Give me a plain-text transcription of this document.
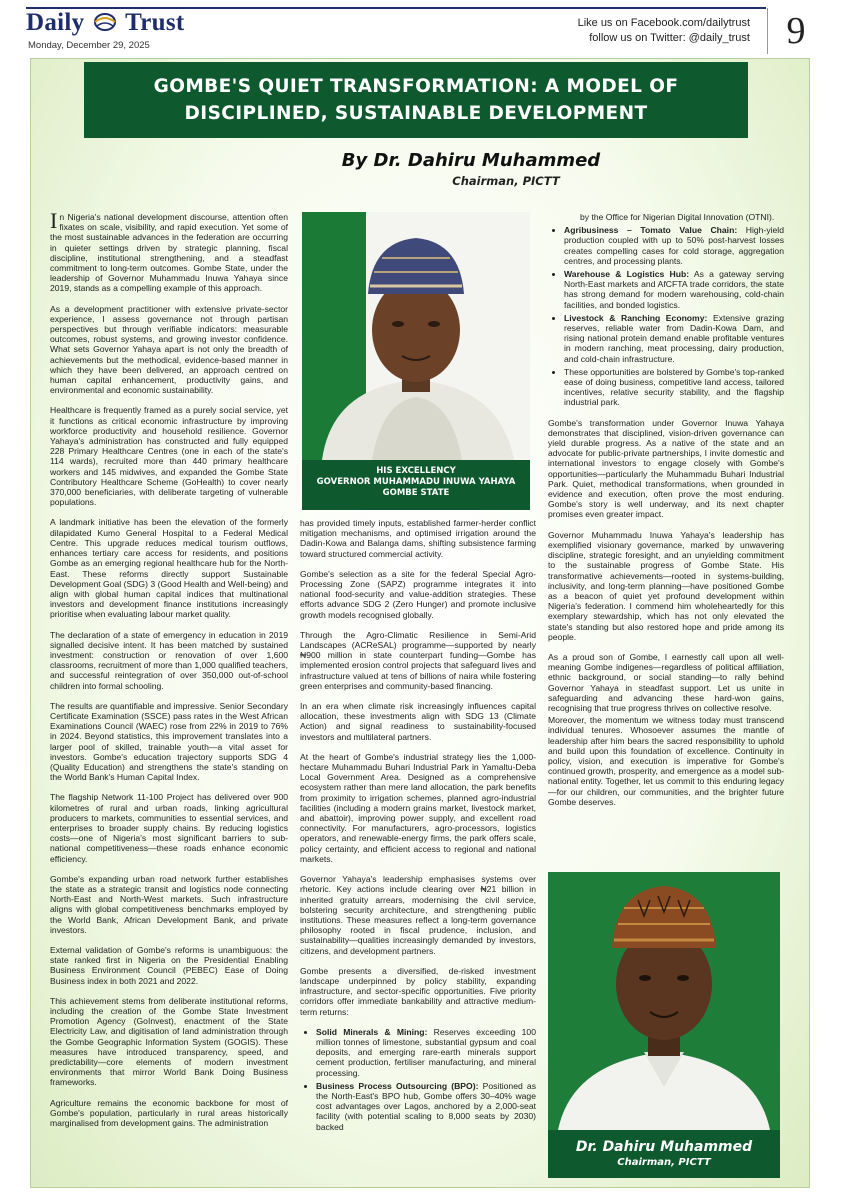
Daily Trust
Monday, December 29, 2025
Like us on Facebook.com/dailytrust
follow us on Twitter: @daily_trust 9
GOMBE'S QUIET TRANSFORMATION: A MODEL OF
DISCIPLINED, SUSTAINABLE DEVELOPMENT
By Dr. Dahiru Muhammed
Chairman, PICTT
HIS EXCELLENCY
GOVERNOR MUHAMMADU INUWA YAHAYA
GOMBE STATE

In Nigeria's national development discourse, attention often fixates on scale, visibility, and rapid execution. Yet some of the most sustainable advances in the federation are occurring in quieter settings driven by strategic planning, fiscal discipline, institutional strengthening, and a steadfast commitment to long-term outcomes. Gombe State, under the leadership of Governor Muhammadu Inuwa Yahaya since 2019, stands as a compelling example of this approach.

As a development practitioner with extensive private-sector experience, I assess governance not through partisan perspectives but through verifiable indicators: measurable outcomes, robust systems, and growing investor confidence. What sets Governor Yahaya apart is not only the breadth of achievements but the methodical, evidence-based manner in which they have been delivered, an approach centred on human capital enhancement, productivity gains, and environmental and economic sustainability.

Healthcare is frequently framed as a purely social service, yet it functions as critical economic infrastructure by improving workforce productivity and household resilience. Governor Yahaya's administration has constructed and fully equipped 228 Primary Healthcare Centres (one in each of the state's 114 wards), recruited more than 440 primary healthcare workers and 145 midwives, and expanded the Gombe State Contributory Healthcare Scheme (GoHealth) to cover nearly 370,000 beneficiaries, with deliberate targeting of vulnerable populations.

A landmark initiative has been the elevation of the formerly dilapidated Kumo General Hospital to a Federal Medical Centre. This upgrade reduces medical tourism outflows, enhances tertiary care access for residents, and positions Gombe as an emerging regional healthcare hub for the North-East. These reforms directly support Sustainable Development Goal (SDG) 3 (Good Health and Well-being) and align with global human capital indices that multinational investors and development finance institutions increasingly prioritise when evaluating labour market quality.

The declaration of a state of emergency in education in 2019 signalled decisive intent. It has been matched by sustained investment: construction or renovation of over 1,600 classrooms, recruitment of more than 1,000 qualified teachers, and successful reintegration of over 350,000 out-of-school children into formal schooling.

The results are quantifiable and impressive. Senior Secondary Certificate Examination (SSCE) pass rates in the West African Examinations Council (WAEC) rose from 22% in 2019 to 76% in 2024. Beyond statistics, this improvement translates into a larger pool of skilled, trainable youth—a vital asset for investors. Gombe's education trajectory supports SDG 4 (Quality Education) and strengthens the state's standing on the World Bank's Human Capital Index.

The flagship Network 11-100 Project has delivered over 900 kilometres of rural and urban roads, linking agricultural producers to markets, communities to essential services, and enterprises to broader supply chains. By reducing logistics costs—one of Nigeria's most significant barriers to sub-national competitiveness—these roads enhance economic efficiency.

Gombe's expanding urban road network further establishes the state as a strategic transit and logistics node connecting North-East and North-West markets. Such infrastructure aligns with global competitiveness benchmarks employed by the World Bank, African Development Bank, and private investors.

External validation of Gombe's reforms is unambiguous: the state ranked first in Nigeria on the Presidential Enabling Business Environment Council (PEBEC) Ease of Doing Business index in both 2021 and 2022.

This achievement stems from deliberate institutional reforms, including the creation of the Gombe State Investment Promotion Agency (GoInvest), enactment of the State Electricity Law, and digitisation of land administration through the Gombe Geographic Information System (GOGIS). These measures have introduced transparency, speed, and predictability—core elements of modern investment environments that mirror World Bank Doing Business frameworks.

Agriculture remains the economic backbone for most of Gombe's population, particularly in rural areas historically marginalised from development gains. The administration

has provided timely inputs, established farmer-herder conflict mitigation mechanisms, and optimised irrigation around the Dadin-Kowa and Balanga dams, shifting subsistence farming toward structured commercial activity.

Gombe's selection as a site for the federal Special Agro-Processing Zone (SAPZ) programme integrates it into national food-security and value-addition strategies. These efforts advance SDG 2 (Zero Hunger) and promote inclusive growth models recognised globally.

Through the Agro-Climatic Resilience in Semi-Arid Landscapes (ACReSAL) programme—supported by nearly ₦900 million in state counterpart funding—Gombe has implemented erosion control projects that safeguard lives and infrastructure valued at tens of billions of naira while fostering green enterprises and community-based financing.

In an era when climate risk increasingly influences capital allocation, these investments align with SDG 13 (Climate Action) and signal readiness to sustainability-focused investors and multilateral partners.

At the heart of Gombe's industrial strategy lies the 1,000-hectare Muhammadu Buhari Industrial Park in Yamaltu-Deba Local Government Area. Designed as a comprehensive ecosystem rather than mere land allocation, the park benefits from proximity to irrigation schemes, planned agro-industrial facilities (including a modern grains market, livestock market, and abattoir), improving power supply, and excellent road connectivity. For manufacturers, agro-processors, logistics operators, and renewable-energy firms, the park offers scale, policy certainty, and efficient access to regional and national markets.

Governor Yahaya's leadership emphasises systems over rhetoric. Key actions include clearing over ₦21 billion in inherited gratuity arrears, modernising the civil service, bolstering security architecture, and strengthening public institutions. These measures reflect a long-term governance philosophy rooted in fiscal prudence, inclusion, and sustainability—qualities increasingly demanded by investors, citizens, and development partners.

Gombe presents a diversified, de-risked investment landscape underpinned by policy stability, expanding infrastructure, and sector-specific opportunities. Five priority corridors offer immediate bankability and attractive medium-term returns:

• Solid Minerals & Mining: Reserves exceeding 100 million tonnes of limestone, substantial gypsum and coal deposits, and emerging rare-earth minerals support cement production, fertiliser manufacturing, and mineral processing.
• Business Process Outsourcing (BPO): Positioned as the North-East's BPO hub, Gombe offers 30–40% wage cost advantages over Lagos, anchored by a 2,000-seat facility (with potential scaling to 8,000 seats by 2030) backed

by the Office for Nigerian Digital Innovation (OTNI).

• Agribusiness – Tomato Value Chain: High-yield production coupled with up to 50% post-harvest losses creates compelling cases for cold storage, aggregation centres, and processing plants.
• Warehouse & Logistics Hub: As a gateway serving North-East markets and AfCFTA trade corridors, the state has strong demand for modern warehousing, cold-chain facilities, and bonded logistics.
• Livestock & Ranching Economy: Extensive grazing reserves, reliable water from Dadin-Kowa Dam, and rising national protein demand enable profitable ventures in modern ranching, meat processing, dairy production, and cold-chain infrastructure.
• These opportunities are bolstered by Gombe's top-ranked ease of doing business, competitive land access, tailored incentives, relative security stability, and the flagship industrial park.

Gombe's transformation under Governor Inuwa Yahaya demonstrates that disciplined, vision-driven governance can yield durable progress. As a native of the state and an advocate for public-private partnerships, I invite domestic and international investors to engage closely with Gombe's opportunities—particularly the Muhammadu Buhari Industrial Park. Quiet, methodical transformations, when grounded in evidence and execution, often prove the most enduring. Gombe's story is well underway, and its next chapter promises even greater impact.

Governor Muhammadu Inuwa Yahaya's leadership has exemplified visionary governance, marked by unwavering discipline, strategic foresight, and an unyielding commitment to the sustainable progress of Gombe State. His transformative achievements—rooted in systems-building, inclusivity, and long-term planning—have positioned Gombe as a beacon of quiet yet profound development within Nigeria's federation. I commend him wholeheartedly for this exemplary stewardship, which has not only elevated the state's standing but also restored hope and pride among its people.

As a proud son of Gombe, I earnestly call upon all well-meaning Gombe indigenes—regardless of political affiliation, ethnic background, or social standing—to rally behind Governor Yahaya in steadfast support. Let us unite in safeguarding and advancing these hard-won gains, recognising that true progress thrives on collective resolve.

Moreover, the momentum we witness today must transcend individual tenures. Whosoever assumes the mantle of leadership after him bears the sacred responsibility to uphold and build upon this foundation of excellence. Continuity in policy, vision, and execution is imperative for Gombe's continued growth, prosperity, and emergence as a model sub-national entity. Together, let us commit to this enduring legacy—for our children, our communities, and the brighter future Gombe deserves.

Dr. Dahiru Muhammed
Chairman, PICTT
